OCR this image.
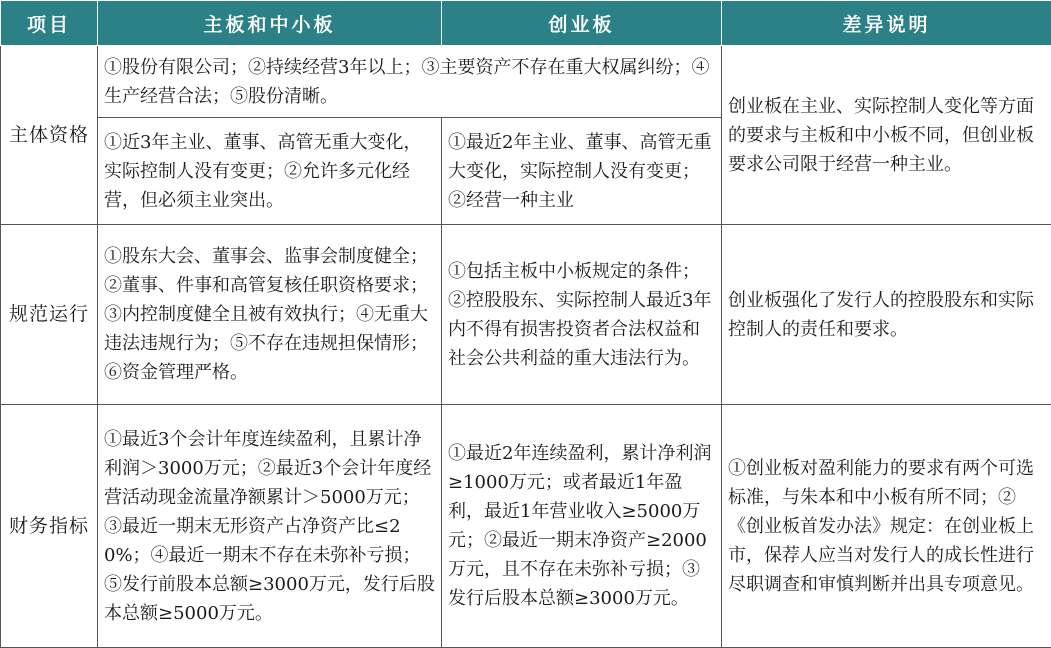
项目	主板和中小板	创业板	差异说明
主体资格	①股份有限公司；②持续经营3年以上；③主要资产不存在重大权属纠纷；④生产经营合法；⑤股份清晰。		创业板在主业、实际控制人变化等方面的要求与主板和中小板不同，但创业板要求公司限于经营一种主业。
	①近3年主业、董事、高管无重大变化，实际控制人没有变更；②允许多元化经营，但必须主业突出。	①最近2年主业、董事、高管无重大变化，实际控制人没有变更；②经营一种主业	
规范运行	①股东大会、董事会、监事会制度健全；②董事、件事和高管复核任职资格要求；③内控制度健全且被有效执行；④无重大违法违规行为；⑤不存在违规担保情形；⑥资金管理严格。	①包括主板中小板规定的条件；②控股股东、实际控制人最近3年内不得有损害投资者合法权益和社会公共利益的重大违法行为。	创业板强化了发行人的控股股东和实际控制人的责任和要求。
财务指标	①最近3个会计年度连续盈利，且累计净利润＞3000万元；②最近3个会计年度经营活动现金流量净额累计＞5000万元；③最近一期末无形资产占净资产比≤20%；④最近一期末不存在未弥补亏损；⑤发行前股本总额≥3000万元，发行后股本总额≥5000万元。	①最近2年连续盈利，累计净利润≥1000万元；或者最近1年盈利，最近1年营业收入≥5000万元；②最近一期末净资产≥2000万元，且不存在未弥补亏损；③发行后股本总额≥3000万元。	①创业板对盈利能力的要求有两个可选标准，与朱本和中小板有所不同；②《创业板首发办法》规定：在创业板上市，保荐人应当对发行人的成长性进行尽职调查和审慎判断并出具专项意见。
